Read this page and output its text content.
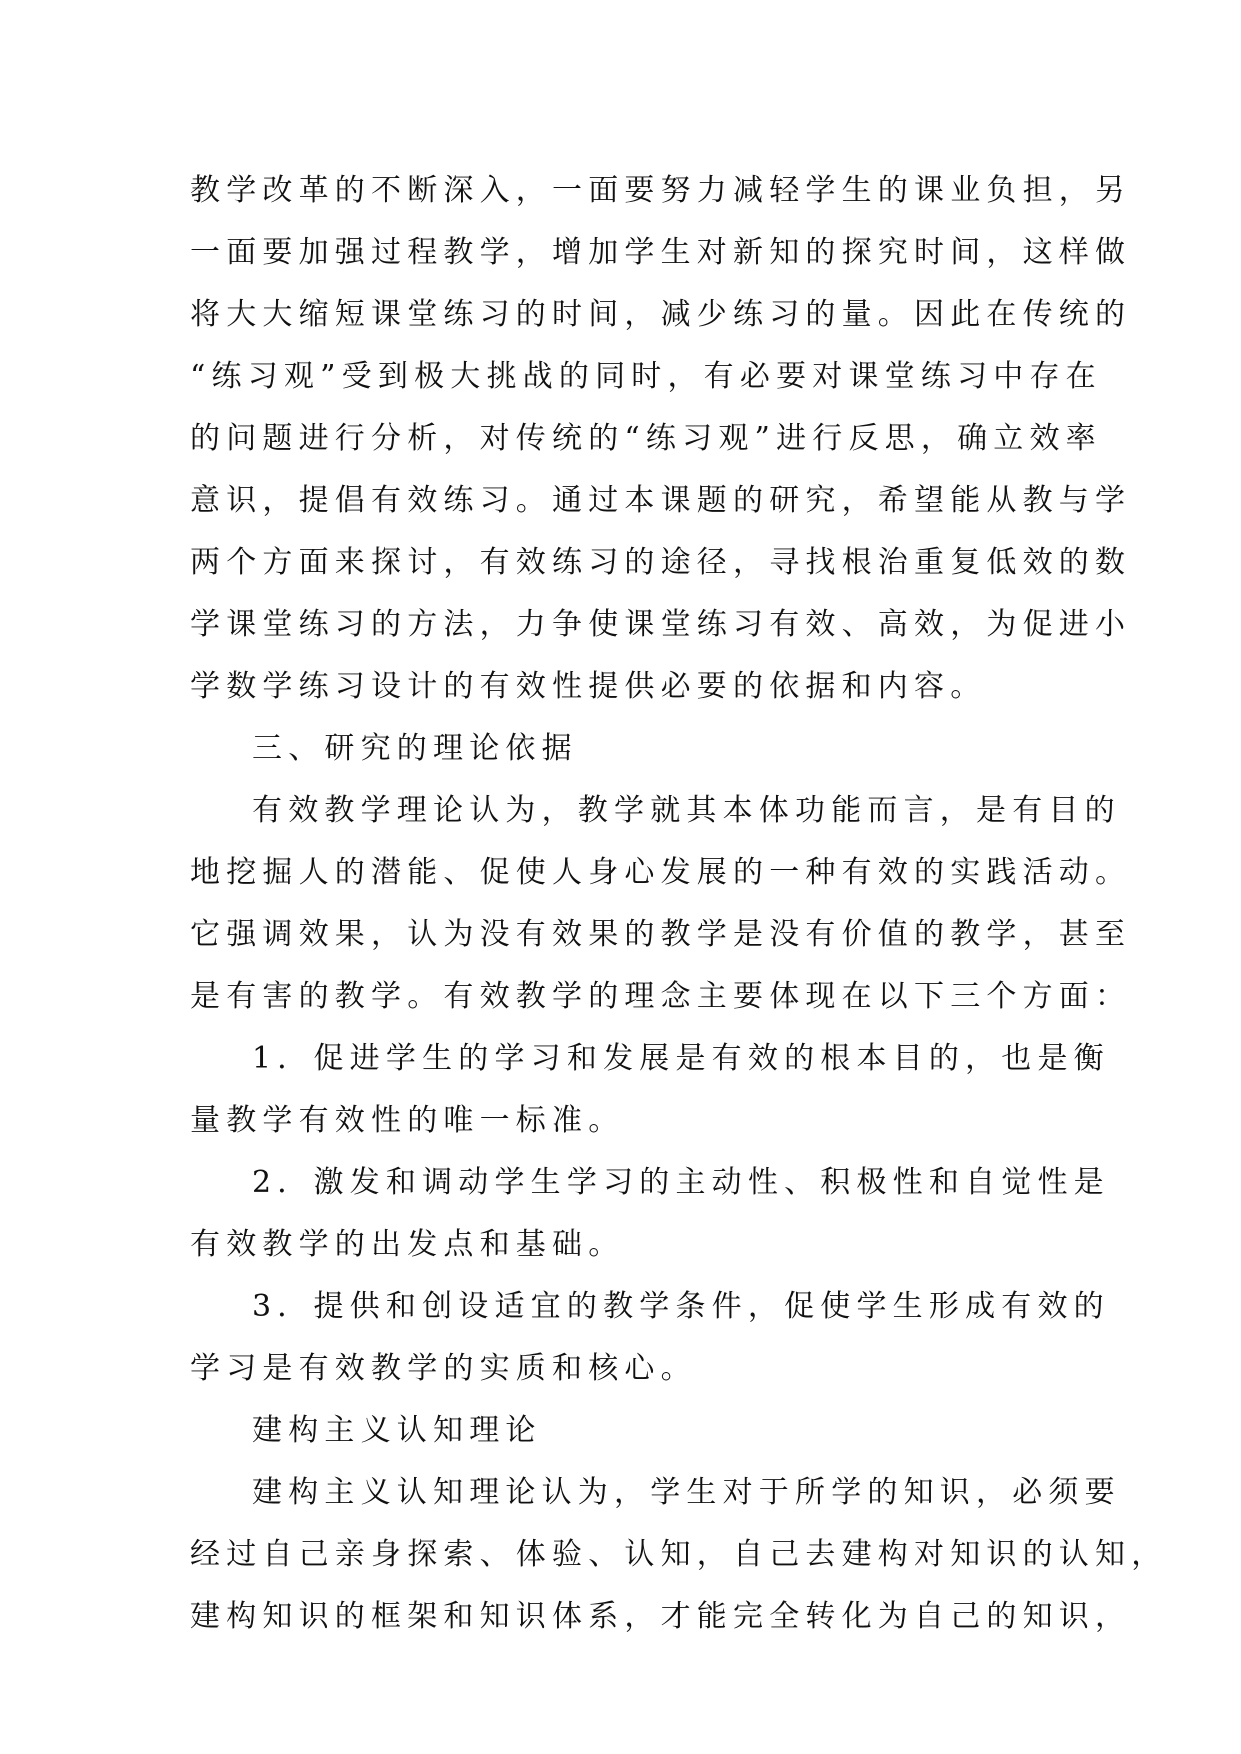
教学改革的不断深入，一面要努力减轻学生的课业负担，另
一面要加强过程教学，增加学生对新知的探究时间，这样做
将大大缩短课堂练习的时间，减少练习的量。因此在传统的
“练习观”受到极大挑战的同时，有必要对课堂练习中存在
的问题进行分析，对传统的“练习观”进行反思，确立效率
意识，提倡有效练习。通过本课题的研究，希望能从教与学
两个方面来探讨，有效练习的途径，寻找根治重复低效的数
学课堂练习的方法，力争使课堂练习有效、高效，为促进小
学数学练习设计的有效性提供必要的依据和内容。
三、研究的理论依据
有效教学理论认为，教学就其本体功能而言，是有目的
地挖掘人的潜能、促使人身心发展的一种有效的实践活动。
它强调效果，认为没有效果的教学是没有价值的教学，甚至
是有害的教学。有效教学的理念主要体现在以下三个方面：
1．促进学生的学习和发展是有效的根本目的，也是衡
量教学有效性的唯一标准。
2．激发和调动学生学习的主动性、积极性和自觉性是
有效教学的出发点和基础。
3．提供和创设适宜的教学条件，促使学生形成有效的
学习是有效教学的实质和核心。
建构主义认知理论
建构主义认知理论认为，学生对于所学的知识，必须要
经过自己亲身探索、体验、认知，自己去建构对知识的认知，
建构知识的框架和知识体系，才能完全转化为自己的知识，
